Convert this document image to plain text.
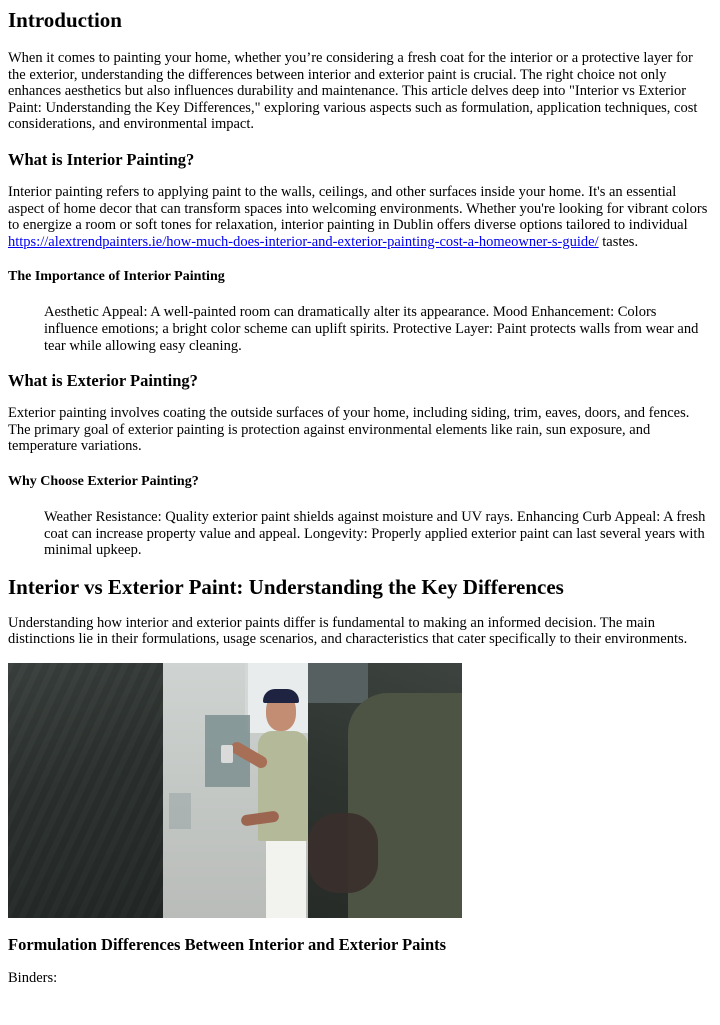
Introduction

When it comes to painting your home, whether you’re considering a fresh coat for the interior or a protective layer for the exterior, understanding the differences between interior and exterior paint is crucial. The right choice not only enhances aesthetics but also influences durability and maintenance. This article delves deep into "Interior vs Exterior Paint: Understanding the Key Differences," exploring various aspects such as formulation, application techniques, cost considerations, and environmental impact.

What is Interior Painting?

Interior painting refers to applying paint to the walls, ceilings, and other surfaces inside your home. It's an essential aspect of home decor that can transform spaces into welcoming environments. Whether you're looking for vibrant colors to energize a room or soft tones for relaxation, interior painting in Dublin offers diverse options tailored to individual https://alextrendpainters.ie/how-much-does-interior-and-exterior-painting-cost-a-homeowner-s-guide/ tastes.

The Importance of Interior Painting

Aesthetic Appeal: A well-painted room can dramatically alter its appearance. Mood Enhancement: Colors influence emotions; a bright color scheme can uplift spirits. Protective Layer: Paint protects walls from wear and tear while allowing easy cleaning.

What is Exterior Painting?

Exterior painting involves coating the outside surfaces of your home, including siding, trim, eaves, doors, and fences. The primary goal of exterior painting is protection against environmental elements like rain, sun exposure, and temperature variations.

Why Choose Exterior Painting?

Weather Resistance: Quality exterior paint shields against moisture and UV rays. Enhancing Curb Appeal: A fresh coat can increase property value and appeal. Longevity: Properly applied exterior paint can last several years with minimal upkeep.

Interior vs Exterior Paint: Understanding the Key Differences

Understanding how interior and exterior paints differ is fundamental to making an informed decision. The main distinctions lie in their formulations, usage scenarios, and characteristics that cater specifically to their environments.

Formulation Differences Between Interior and Exterior Paints

Binders:
